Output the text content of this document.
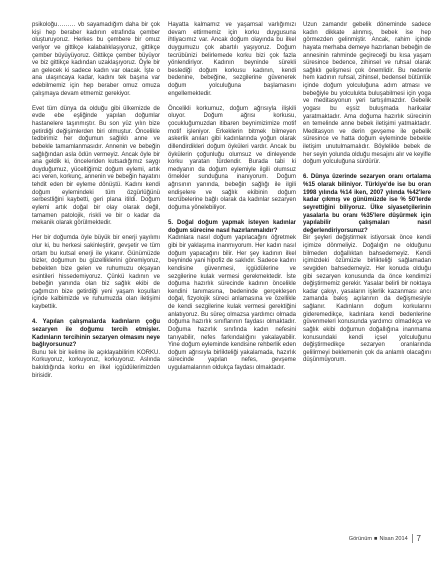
psikoloğu……… vb sayamadığım daha bir çok kişi hep beraber kadının etrafında çember oluşturuyoruz. Herkes bu çembere bir omuz veriyor ve gittikçe kalabalıklaşıyoruz, gittikçe çember büyüyüyoruz. Gittikçe çember büyüyor ve biz gittikçe kadından uzaklaşıyoruz. Öyle bir an gelecek ki sadece kadın var olacak. İşte o ana ulaşıncaya kadar, kadını tek başına var edebilmemiz için hep beraber omuz omuza çalışmaya devam etmemiz gerekiyor.

Evet tüm dünya da olduğu gibi ülkemizde de evde ebe eşliğinde yapılan doğumlar hastanelere taşınmıştır. Bu son yüz yılın bize getirdiği değişimlerden biri olmuştur. Öncelikle tedbirimiz her doğumun sağlıklı anne ve bebekle tamamlanmasıdır. Annenin ve bebeğin sağlığından asla ödün vermeyiz. Ancak öyle bir ana geldik ki, önceleriden kutsadığımız saygı duyduğumuz, yüceltiğimiz doğum eylemi, artık acı veren, korkunç, annenin ve bebeğin hayatını tehdit eden bir eyleme dönüştü. Kadını kendi doğum eylemindeki tüm özgürlüğünü serbestliğini kaybetti, geri plana itildi. Doğum eylemi artık doğal bir olay olarak değil, tamamen patolojik, riskli ve bir o kadar da mekanik olarak görülmektedir.

Her bir doğumda öyle büyük bir enerji yayılımı olur ki, bu herkesi sakinleştirir, gevşetir ve tüm ortam bu kutsal enerji ile yıkanır. Günümüzde bizler, doğumun bu güzelliklerini göremiyoruz, bebekten bize gelen ve ruhumuzu okşayan esintileri hissedemiyoruz. Çünkü kadının ve bebeğin yanında olan biz sağlık ekibi de çağımızın bize getirdiği yeni yaşam koşulları içinde kalbimizde ve ruhumuzda olan iletişimi kaybettik.

4. Yapılan çalışmalarda kadınların çoğu sezaryen ile doğumu tercih etmişler. Kadınların tercihinin sezaryen olmasını neye bağlıyorsunuz?

Bunu tek bir kelime ile açıklayabilirim KORKU. Korkuyoruz, korkuyoruz, korkuyoruz. Aslında bakıldığında korku en ilkel içgüdülerimizden birisidir.

Hayatta kalmamız ve yaşamsal varlığımızı devam ettirmemiz için korku duygusuna ihtiyacımız var. Ancak doğum olayında bu ilkel duygumuzu çok abartılı yaşıyoruz. Doğum tecrübünizi belirlemede korku bizi çok fazla yönlendiriyor. Kadının beyninde sürekli beslediği doğum korkusu kadının, kendi bedenine, bebeğine, sezgilerine güvenerek doğum yolculuğuna başlamasını engellemektedir.

Öncelikli korkumuz, doğum ağrısıyla ilişkili oluyor. Doğum ağrısı korkusu, çocukluğumuzdan itibaren beynimizimize motif motif işleniyor. Erkeklerin bitmek bilmeyen askerlik anıları gibi kadınlarında yoğun olarak dillendirdikleri doğum öyküleri vardır. Ancak bu öykülerin çoğunluğu olumsuz ve dinleyende korku yaratan türdendir. Burada tabi ki medyanın da doğum eylemiyle ilgili olumsuz örnekler sunduğuna inanıyorum. Doğum ağrısının yanında, bebeğin sağlığı ile ilgili endişelere ve sağlık ekibinin doğum tecrübelerine bağlı olarak da kadınlar sezaryen doğuma yönelebiliyor.

5. Doğal doğum yapmak isteyen kadınlar doğum sürecine nasıl hazırlanmalıdır?

Kadınlara nasıl doğum yapılacağını öğretmek gibi bir yaklaşıma inanmıyorum. Her kadın nasıl doğum yapacağını bilir. Her şey kadının ilkel beyninde yani hipofiz de saklıdır. Sadece kadını kendisine güvenmesi, içgüdülerine ve sezgilerine kulak vermesi gerekmektedir. İste doğuma hazırlık sürecinde kadının öncelikle kendini tanımasına, bedeninde gerçekleşen doğal, fizyolojik süreci anlamasına ve özellikle de kendi sezgilerine kulak vermesi gerektiğini anlatıyoruz. Bu süreç olmazsa yardımcı olmada doğuma hazırlık sınıflarının faydası olmaktadır. Doğuma hazırlık sınıfında kadın nefesini tanıyabilir, nefes farkındalığını yakalayabilir. Yine doğum eyleminde kendisine rehberlik eden doğum ağrısıyla birlikteliği yakalamada, hazırlık sürecinde yapılan nefes, gevşeme uygulamalarının oldukça faydası olmaktadır.

Uzun zamandır gebelik döneminde sadece kadın dikkate alınmış, bebek ise hep görmezden gelinmiştir. Ancak, rahim içinde hayata merhaba demeye hazırlanan bebeğin de annesinin rahminde geçireceği bu kısa yaşam süresince bedence, zihinsel ve ruhsal olarak sağlıklı gelişmesi çok önemlidir. Bu nedenle hem kadının ruhsal, zihinsel, bedensel bütünlük içinde doğum yolculuğuna adım atması ve bebeğiyle bu yolculukta buluşabilmesi için yoga ve meditasyonun yeri tartışılmazdır. Gebelik yogası bu eşsiz buluşmada harikalar yaratmaktadır. Ama doğuma hazırlık sürecinin en temelinde anne bebek iletişimi yatmaktadır. Meditasyon ve derin gevşeme ile gebelik süresince ve hatta doğum eyleminde bebekle iletişim unutulmamalıdır. Böylelikle bebek de her seyin yolunda olduğu mesajını alır ve keyifle doğum yolculuğuna sürdürür.

6. Dünya üzerinde sezaryen oranı ortalama %15 olarak biliniyor. Türkiye'de ise bu oran 1998 yılında %14 iken, 2007 yılında %42'lere kadar çıkmış ve günümüzde ise % 50'lerde seyrettiğini biliyoruz. Ülke siyasetçilerinin yasalarla bu oranı %35'lere düşürmek için yapılabilir çalışmaları nasıl değerlendiriyorsunuz?

Bir şeyleri değiştirmek istiyorsak önce kendi içimize dönmeliyiz. Doğalığın ne olduğunu bilmeden doğallıktan bahsedemeyiz. Kendi içimizdeki özümüzle birlikteliği sağlamadan sevgiden bahsedemeyiz. Her konuda olduğu gibi sezaryen konusunda da önce kendimizi değiştirmemiz gerekir. Yasalar belirli bir noktaya kadar çakıyı, yasaların işlerlik kazanması ancı zamanda bakış açılarının da değişmesiyle sağlanır. Kadınların doğum korkularını gideremedikçe, kadınlara kendi bedenlerine güvenmeleri konusunda yardımcı olmadıkça ve sağlık ekibi doğumun doğallığına inanmama konusundaki kendi içsel yolculuğunu değiştirmedikçe sezaryen oranlarında gelilirmeyi beklemenin çok da anlamlı olacağını düşünmüyorum.

Görünüm ■ Nisan 2014 7
